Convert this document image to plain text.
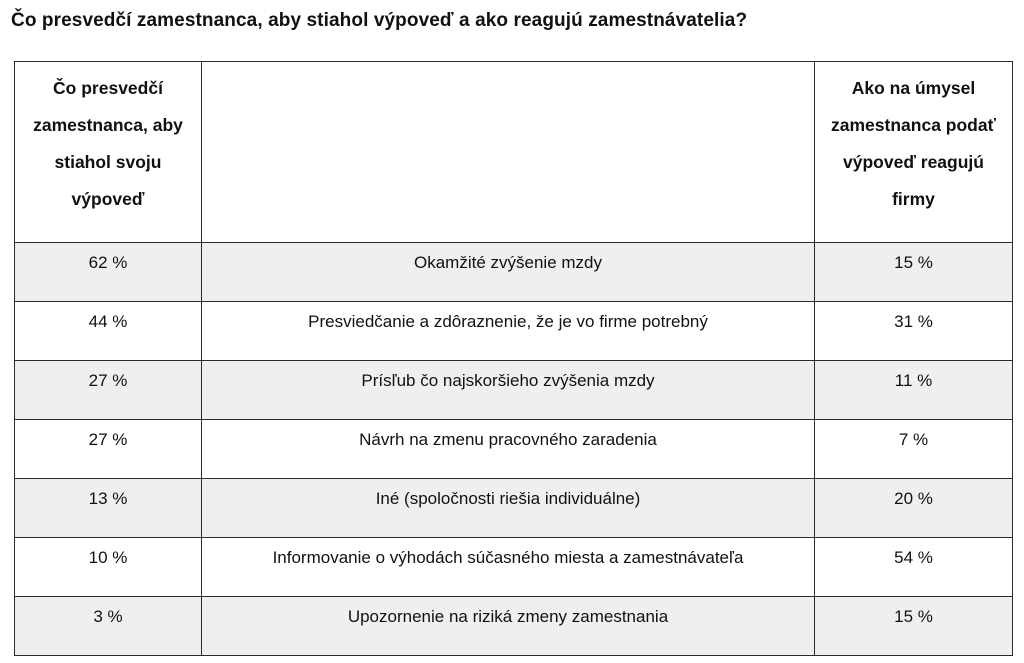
Čo presvedčí zamestnanca, aby stiahol výpoveď a ako reagujú zamestnávatelia?
Čo presvedčí zamestnanca, aby stiahol svoju výpoveď		Ako na úmysel zamestnanca podať výpoveď reagujú firmy
62 %	Okamžité zvýšenie mzdy	15 %
44 %	Presviedčanie a zdôraznenie, že je vo firme potrebný	31 %
27 %	Prísľub čo najskoršieho zvýšenia mzdy	11 %
27 %	Návrh na zmenu pracovného zaradenia	7 %
13 %	Iné (spoločnosti riešia individuálne)	20 %
10 %	Informovanie o výhodách súčasného miesta a zamestnávateľa	54 %
3 %	Upozornenie na riziká zmeny zamestnania	15 %
